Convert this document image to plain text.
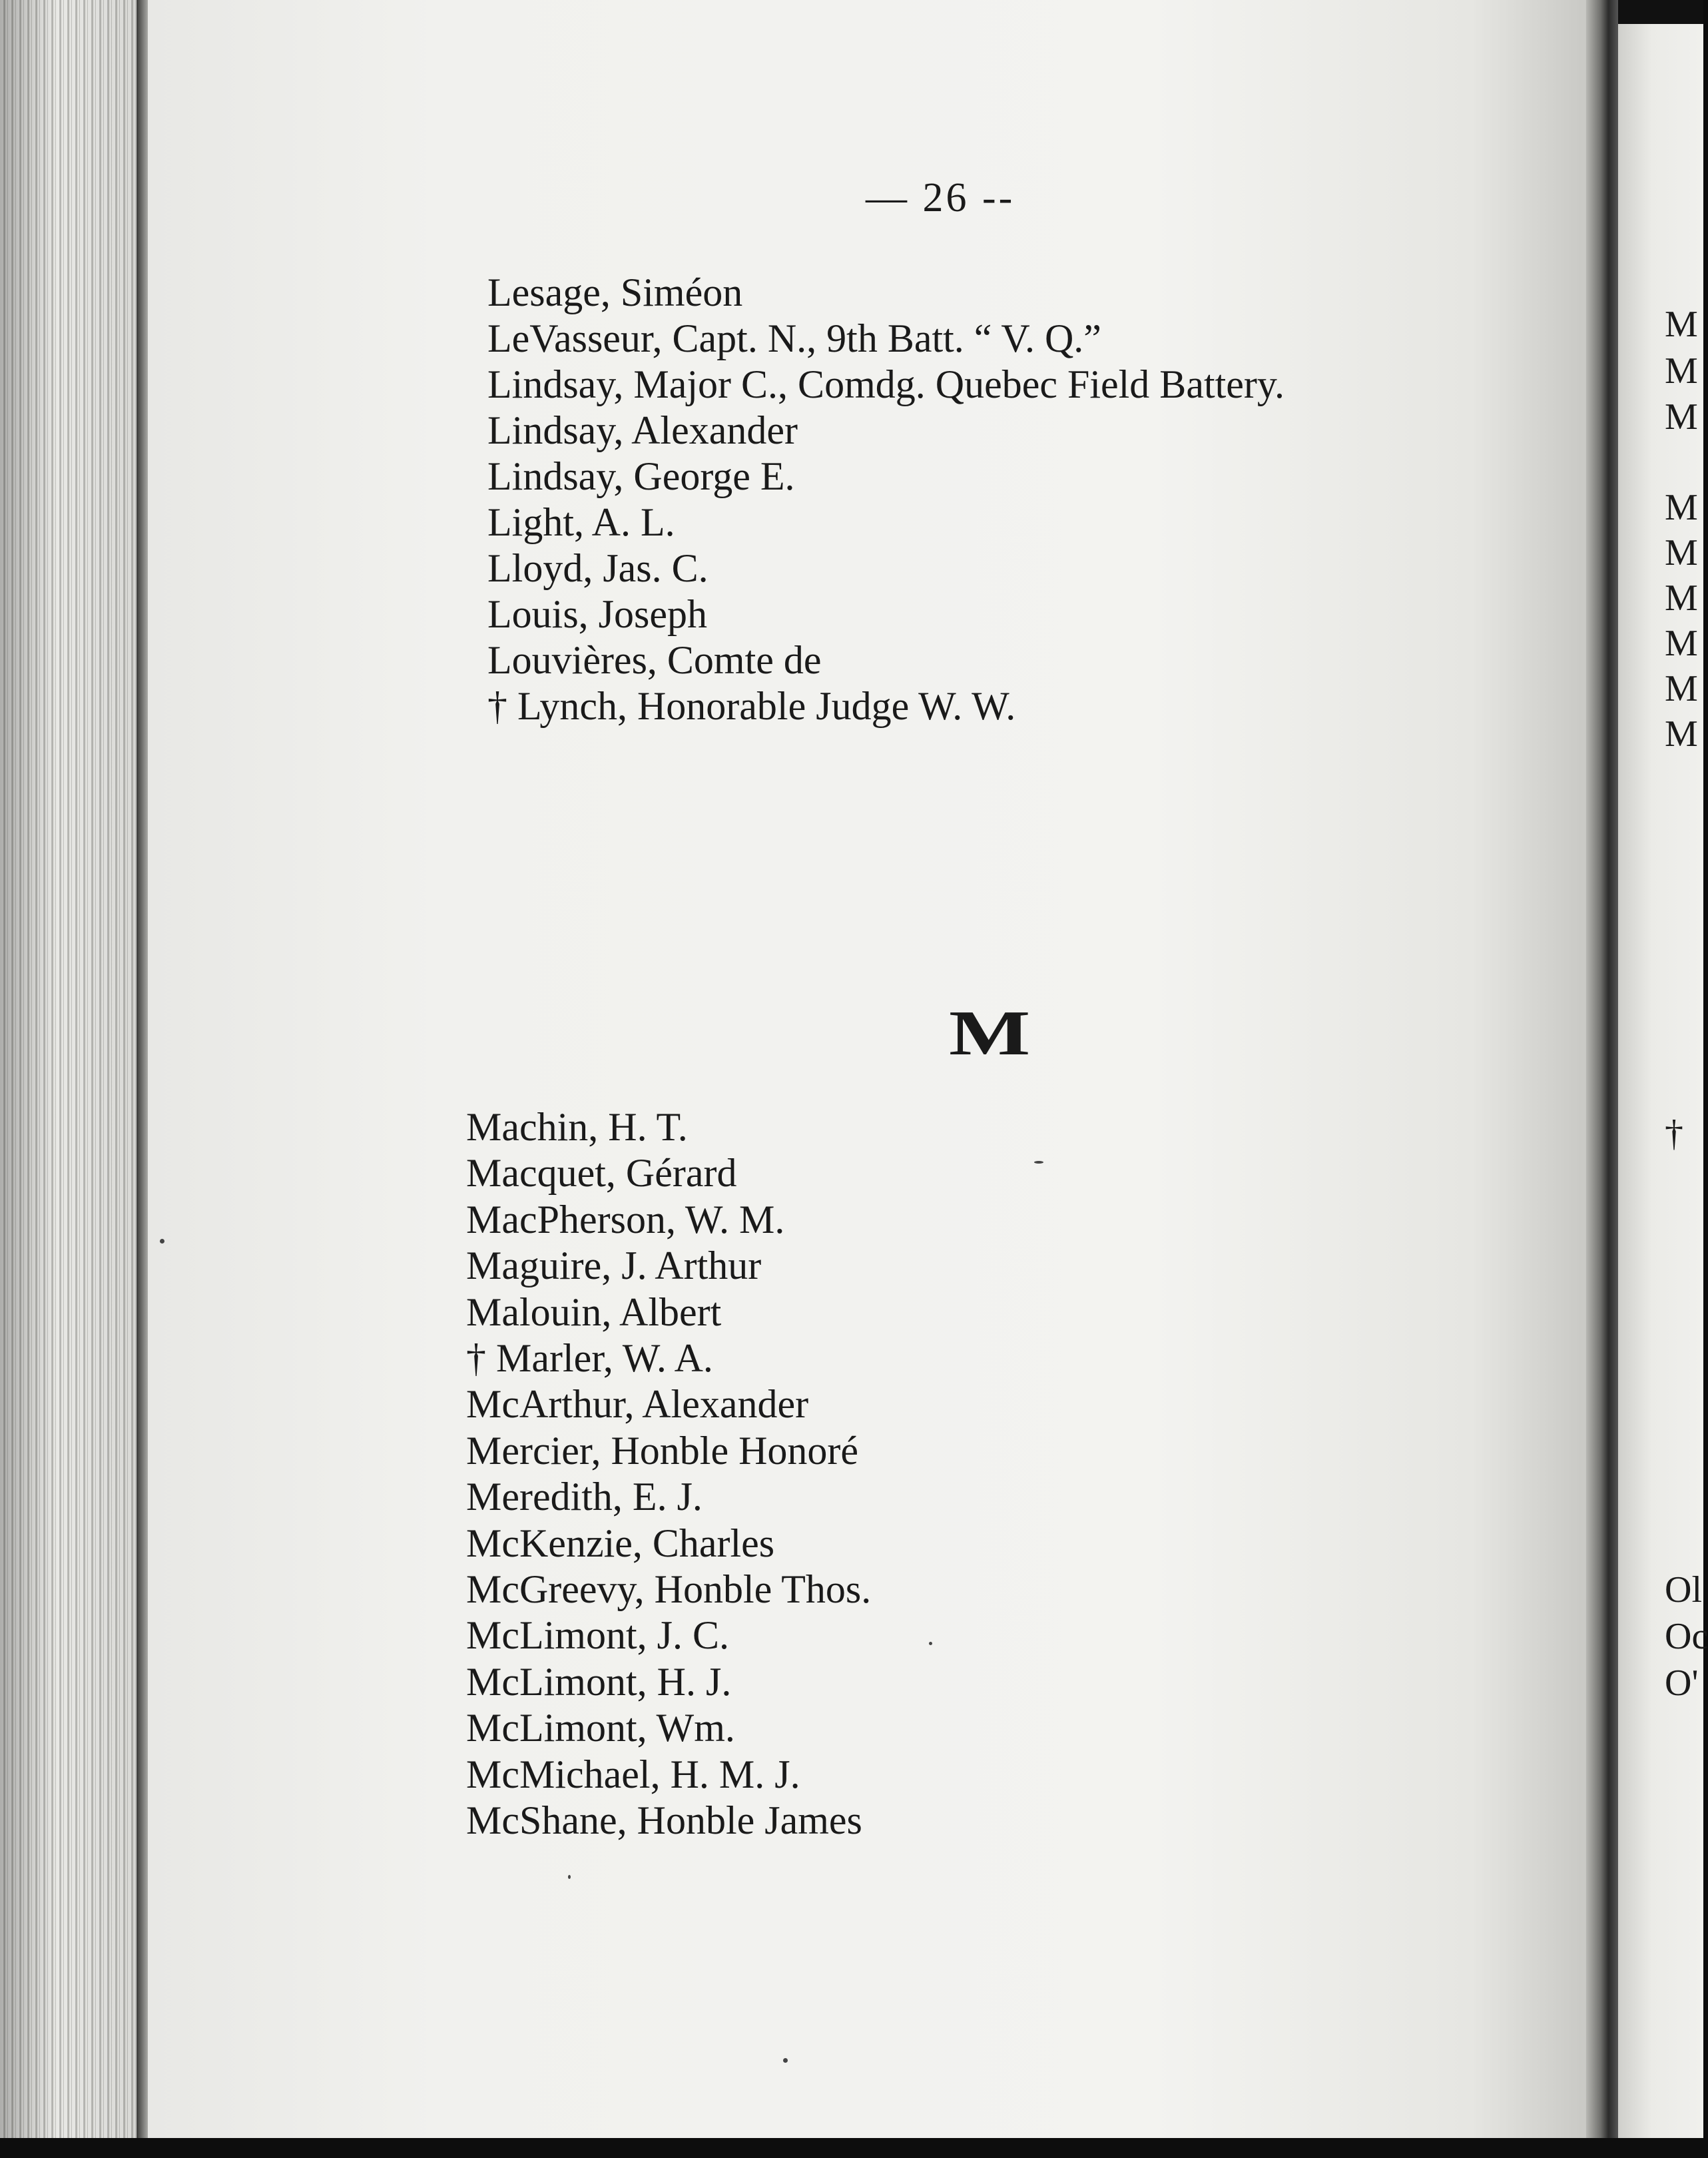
— 26 --
Lesage, Siméon
LeVasseur, Capt. N., 9th Batt. “ V. Q.”
Lindsay, Major C., Comdg. Quebec Field Battery.
Lindsay, Alexander
Lindsay, George E.
Light, A. L.
Lloyd, Jas. C.
Louis, Joseph
Louvières, Comte de
† Lynch, Honorable Judge W. W.
M
Machin, H. T.
Macquet, Gérard
MacPherson, W. M.
Maguire, J. Arthur
Malouin, Albert
† Marler, W. A.
McArthur, Alexander
Mercier, Honble Honoré
Meredith, E. J.
McKenzie, Charles
McGreevy, Honble Thos.
McLimont, J. C.
McLimont, H. J.
McLimont, Wm.
McMichael, H. M. J.
McShane, Honble James
M
M
M
M
M
M
M
M
M
†
Ol
Oc
O'
